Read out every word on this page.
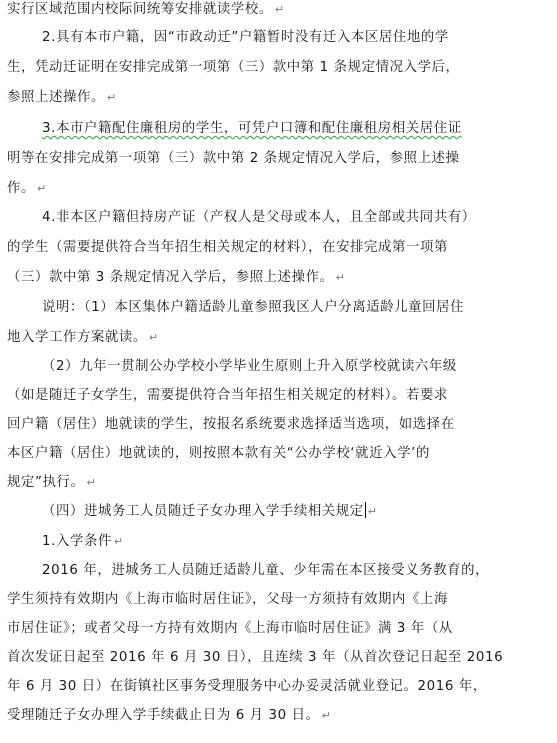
实行区域范围内校际间统筹安排就读学校。 ↵
2.具有本市户籍，因“市政动迁”户籍暂时没有迁入本区居住地的学
生，凭动迁证明在安排完成第一项第（三）款中第 1 条规定情况入学后，
参照上述操作。 ↵
3.本市户籍配住廉租房的学生，可凭户口簿和配住廉租房相关居住证
明等在安排完成第一项第（三）款中第 2 条规定情况入学后，参照上述操
作。 ↵
4.非本区户籍但持房产证（产权人是父母或本人，且全部或共同共有）
的学生（需要提供符合当年招生相关规定的材料），在安排完成第一项第
（三）款中第 3 条规定情况入学后，参照上述操作。 ↵
说明：（1）本区集体户籍适龄儿童参照我区人户分离适龄儿童回居住
地入学工作方案就读。 ↵
（2）九年一贯制公办学校小学毕业生原则上升入原学校就读六年级
（如是随迁子女学生，需要提供符合当年招生相关规定的材料）。若要求
回户籍（居住）地就读的学生，按报名系统要求选择适当选项，如选择在
本区户籍（居住）地就读的，则按照本款有关“公办学校‘就近入学’的
规定”执行。 ↵
（四）进城务工人员随迁子女办理入学手续相关规定 ↵
1.入学条件 ↵
2016 年，进城务工人员随迁适龄儿童、少年需在本区接受义务教育的，
学生须持有效期内《上海市临时居住证》，父母一方须持有效期内《上海
市居住证》；或者父母一方持有效期内《上海市临时居住证》满 3 年（从
首次发证日起至 2016 年 6 月 30 日），且连续 3 年（从首次登记日起至 2016
年 6 月 30 日）在街镇社区事务受理服务中心办妥灵活就业登记。2016 年，
受理随迁子女办理入学手续截止日为 6 月 30 日。 ↵
